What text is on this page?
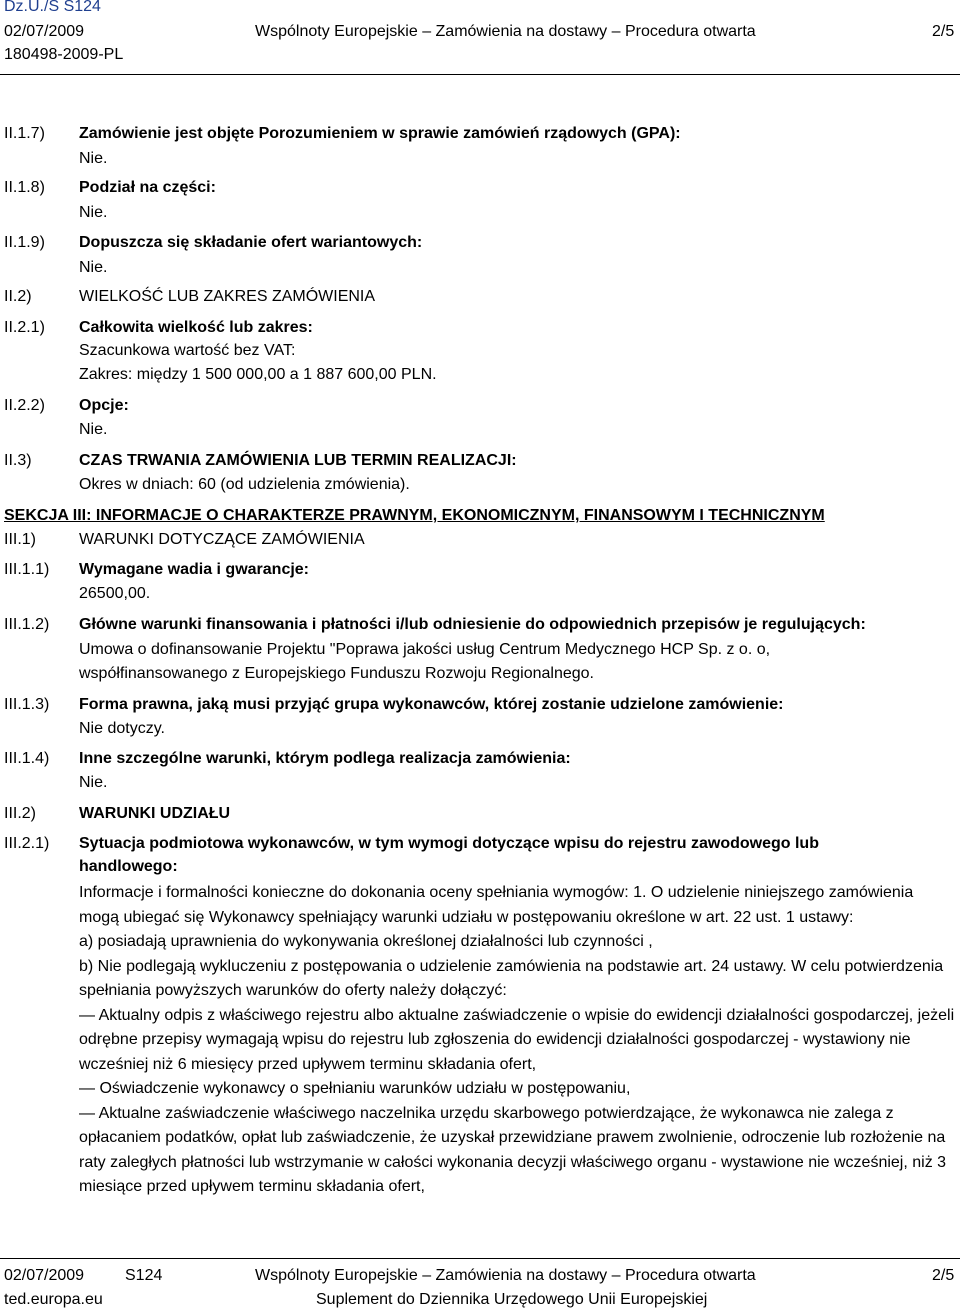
Dz.U./S S124
02/07/2009	Wspólnoty Europejskie – Zamówienia na dostawy – Procedura otwarta	2/5
180498-2009-PL
II.1.7) Zamówienie jest objęte Porozumieniem w sprawie zamówień rządowych (GPA):
Nie.
II.1.8) Podział na części:
Nie.
II.1.9) Dopuszcza się składanie ofert wariantowych:
Nie.
II.2)	WIELKOŚĆ LUB ZAKRES ZAMÓWIENIA
II.2.1) Całkowita wielkość lub zakres:
Szacunkowa wartość bez VAT:
Zakres: między 1 500 000,00 a 1 887 600,00 PLN.
II.2.2) Opcje:
Nie.
II.3)	CZAS TRWANIA ZAMÓWIENIA LUB TERMIN REALIZACJI:
Okres w dniach: 60 (od udzielenia zmówienia).
SEKCJA III: INFORMACJE O CHARAKTERZE PRAWNYM, EKONOMICZNYM, FINANSOWYM I TECHNICZNYM
III.1)	WARUNKI DOTYCZĄCE ZAMÓWIENIA
III.1.1) Wymagane wadia i gwarancje:
26500,00.
III.1.2) Główne warunki finansowania i płatności i/lub odniesienie do odpowiednich przepisów je regulujących:
Umowa o dofinansowanie Projektu "Poprawa jakości usług Centrum Medycznego HCP Sp. z o. o,
współfinansowanego z Europejskiego Funduszu Rozwoju Regionalnego.
III.1.3) Forma prawna, jaką musi przyjąć grupa wykonawców, której zostanie udzielone zamówienie:
Nie dotyczy.
III.1.4) Inne szczególne warunki, którym podlega realizacja zamówienia:
Nie.
III.2)	WARUNKI UDZIAŁU
III.2.1) Sytuacja podmiotowa wykonawców, w tym wymogi dotyczące wpisu do rejestru zawodowego lub handlowego:

Informacje i formalności konieczne do dokonania oceny spełniania wymogów: 1. O udzielenie niniejszego zamówienia mogą ubiegać się Wykonawcy spełniający warunki udziału w postępowaniu określone w art. 22 ust. 1 ustawy:

a) posiadają uprawnienia do wykonywania określonej działalności lub czynności ,

b) Nie podlegają wykluczeniu z postępowania o udzielenie zamówienia na podstawie art. 24 ustawy. W celu potwierdzenia spełniania powyższych warunków do oferty należy dołączyć:

— Aktualny odpis z właściwego rejestru albo aktualne zaświadczenie o wpisie do ewidencji działalności gospodarczej, jeżeli odrębne przepisy wymagają wpisu do rejestru lub zgłoszenia do ewidencji działalności gospodarczej - wystawiony nie wcześniej niż 6 miesięcy przed upływem terminu składania ofert,

— Oświadczenie wykonawcy o spełnianiu warunków udziału w postępowaniu,

— Aktualne zaświadczenie właściwego naczelnika urzędu skarbowego potwierdzające, że wykonawca nie zalega z opłacaniem podatków, opłat lub zaświadczenie, że uzyskał przewidziane prawem zwolnienie, odroczenie lub rozłożenie na raty zaległych płatności lub wstrzymanie w całości wykonania decyzji właściwego organu - wystawione nie wcześniej, niż 3 miesiące przed upływem terminu składania ofert,

02/07/2009	S124	Wspólnoty Europejskie – Zamówienia na dostawy – Procedura otwarta	2/5
ted.europa.eu	Suplement do Dziennika Urzędowego Unii Europejskiej
